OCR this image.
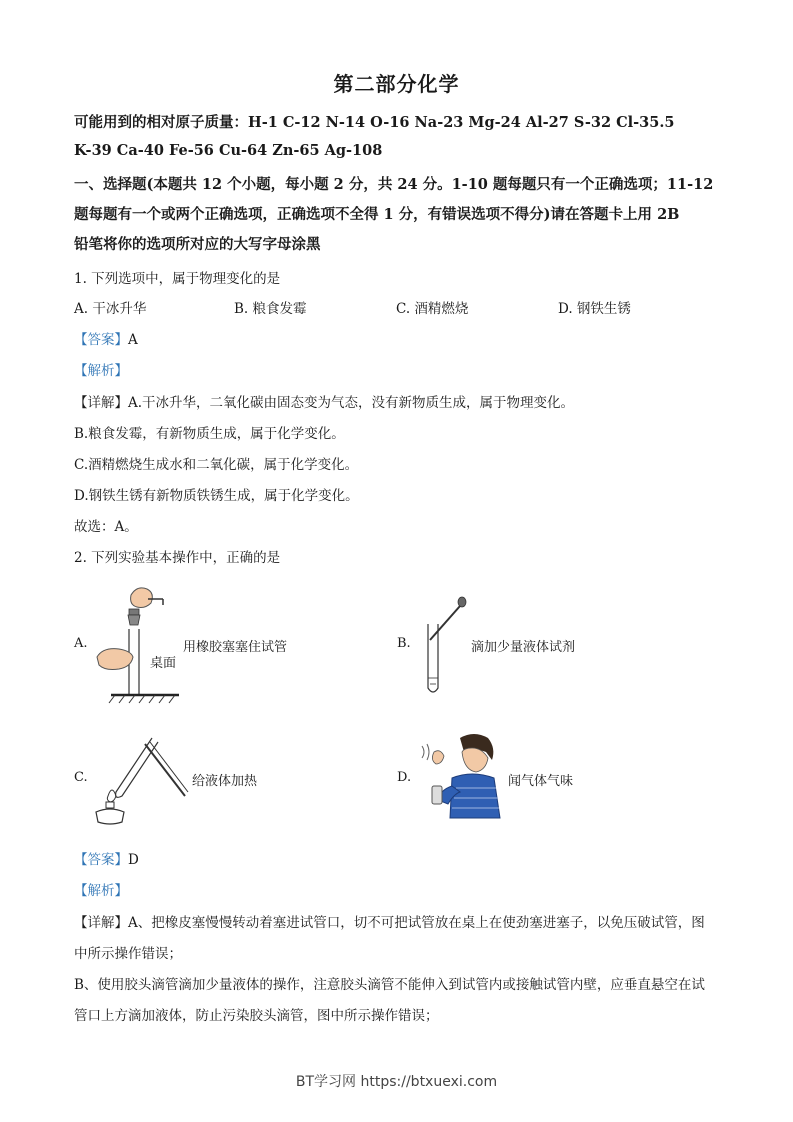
第二部分化学
可能用到的相对原子质量：H-1 C-12 N-14 O-16 Na-23 Mg-24 Al-27 S-32 Cl-35.5
K-39 Ca-40 Fe-56 Cu-64 Zn-65 Ag-108
一、选择题(本题共 12 个小题，每小题 2 分，共 24 分。1-10 题每题只有一个正确选项；11-12
题每题有一个或两个正确选项，正确选项不全得 1 分，有错误选项不得分)请在答题卡上用 2B
铅笔将你的选项所对应的大写字母涂黑
1. 下列选项中，属于物理变化的是
A. 干冰升华	B. 粮食发霉	C. 酒精燃烧	D. 钢铁生锈
【答案】A
【解析】
【详解】A.干冰升华，二氧化碳由固态变为气态，没有新物质生成，属于物理变化。
B.粮食发霉，有新物质生成，属于化学变化。
C.酒精燃烧生成水和二氧化碳，属于化学变化。
D.钢铁生锈有新物质铁锈生成，属于化学变化。
故选：A。
2. 下列实验基本操作中，正确的是
A.
桌面
用橡胶塞塞住试管	B.	滴加少量液体试剂
C.	给液体加热	D.	闻气体气味
【答案】D
【解析】
【详解】A、把橡皮塞慢慢转动着塞进试管口，切不可把试管放在桌上在使劲塞进塞子，以免压破试管，图
中所示操作错误；
B、使用胶头滴管滴加少量液体的操作，注意胶头滴管不能伸入到试管内或接触试管内壁，应垂直悬空在试
管口上方滴加液体，防止污染胶头滴管，图中所示操作错误；
BT学习网 https://btxuexi.com
